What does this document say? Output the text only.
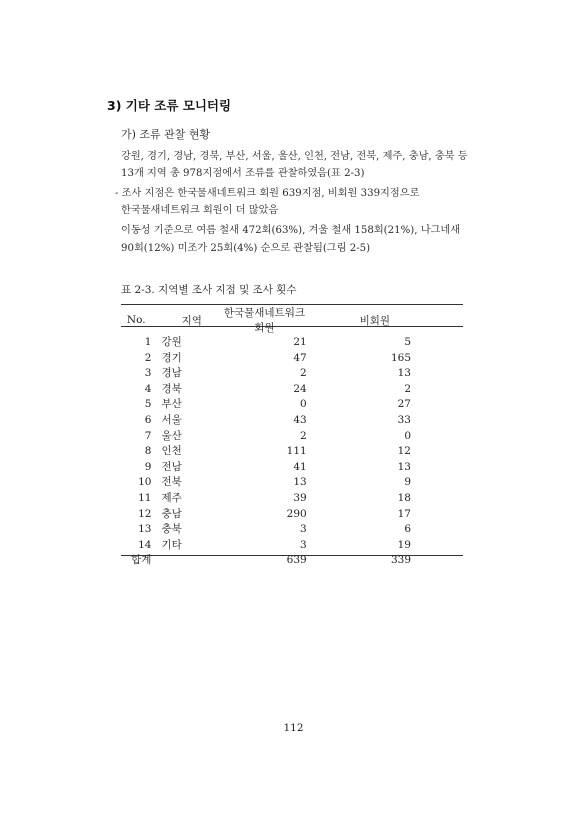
3) 기타 조류 모니터링
가) 조류 관찰 현황
강원, 경기, 경남, 경북, 부산, 서울, 울산, 인천, 전남, 전북, 제주, 충남, 충북 등
13개 지역 총 978지점에서 조류를 관찰하였음(표 2-3)
- 조사 지점은 한국물새네트워크 회원 639지점, 비회원 339지점으로
한국물새네트워크 회원이 더 많았음
이동성 기준으로 여름 철새 472회(63%), 겨울 철새 158회(21%), 나그네새
90회(12%) 미조가 25회(4%) 순으로 관찰됨(그림 2-5)
표 2-3. 지역별 조사 지점 및 조사 횟수
No.	지역	한국물새네트워크 회원	비회원
1	강원	21	5
2	경기	47	165
3	경남	2	13
4	경북	24	2
5	부산	0	27
6	서울	43	33
7	울산	2	0
8	인천	111	12
9	전남	41	13
10	전북	13	9
11	제주	39	18
12	충남	290	17
13	충북	3	6
14	기타	3	19
합계		639	339
112
